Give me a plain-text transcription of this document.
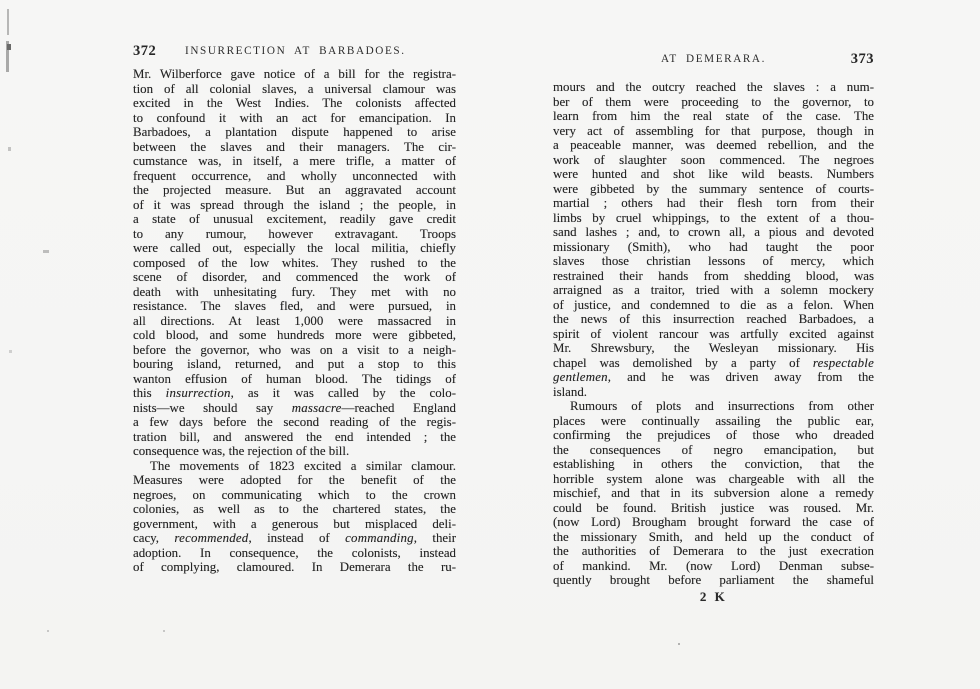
372	INSURRECTION AT BARBADOES.
Mr. Wilberforce gave notice of a bill for the registra-
tion of all colonial slaves, a universal clamour was
excited in the West Indies. The colonists affected
to confound it with an act for emancipation. In
Barbadoes, a plantation dispute happened to arise
between the slaves and their managers. The cir-
cumstance was, in itself, a mere trifle, a matter of
frequent occurrence, and wholly unconnected with
the projected measure. But an aggravated account
of it was spread through the island ; the people, in
a state of unusual excitement, readily gave credit
to any rumour, however extravagant. Troops
were called out, especially the local militia, chiefly
composed of the low whites. They rushed to the
scene of disorder, and commenced the work of
death with unhesitating fury. They met with no
resistance. The slaves fled, and were pursued, in
all directions. At least 1,000 were massacred in
cold blood, and some hundreds more were gibbeted,
before the governor, who was on a visit to a neigh-
bouring island, returned, and put a stop to this
wanton effusion of human blood. The tidings of
this insurrection, as it was called by the colo-
nists—we should say massacre—reached England
a few days before the second reading of the regis-
tration bill, and answered the end intended ; the
consequence was, the rejection of the bill.
The movements of 1823 excited a similar clamour.
Measures were adopted for the benefit of the
negroes, on communicating which to the crown
colonies, as well as to the chartered states, the
government, with a generous but misplaced deli-
cacy, recommended, instead of commanding, their
adoption. In consequence, the colonists, instead
of complying, clamoured. In Demerara the ru-
AT DEMERARA.	373
mours and the outcry reached the slaves : a num-
ber of them were proceeding to the governor, to
learn from him the real state of the case. The
very act of assembling for that purpose, though in
a peaceable manner, was deemed rebellion, and the
work of slaughter soon commenced. The negroes
were hunted and shot like wild beasts. Numbers
were gibbeted by the summary sentence of courts-
martial ; others had their flesh torn from their
limbs by cruel whippings, to the extent of a thou-
sand lashes ; and, to crown all, a pious and devoted
missionary (Smith), who had taught the poor
slaves those christian lessons of mercy, which
restrained their hands from shedding blood, was
arraigned as a traitor, tried with a solemn mockery
of justice, and condemned to die as a felon. When
the news of this insurrection reached Barbadoes, a
spirit of violent rancour was artfully excited against
Mr. Shrewsbury, the Wesleyan missionary. His
chapel was demolished by a party of respectable
gentlemen, and he was driven away from the
island.
Rumours of plots and insurrections from other
places were continually assailing the public ear,
confirming the prejudices of those who dreaded
the consequences of negro emancipation, but
establishing in others the conviction, that the
horrible system alone was chargeable with all the
mischief, and that in its subversion alone a remedy
could be found. British justice was roused. Mr.
(now Lord) Brougham brought forward the case of
the missionary Smith, and held up the conduct of
the authorities of Demerara to the just execration
of mankind. Mr. (now Lord) Denman subse-
quently brought before parliament the shameful
2 K
